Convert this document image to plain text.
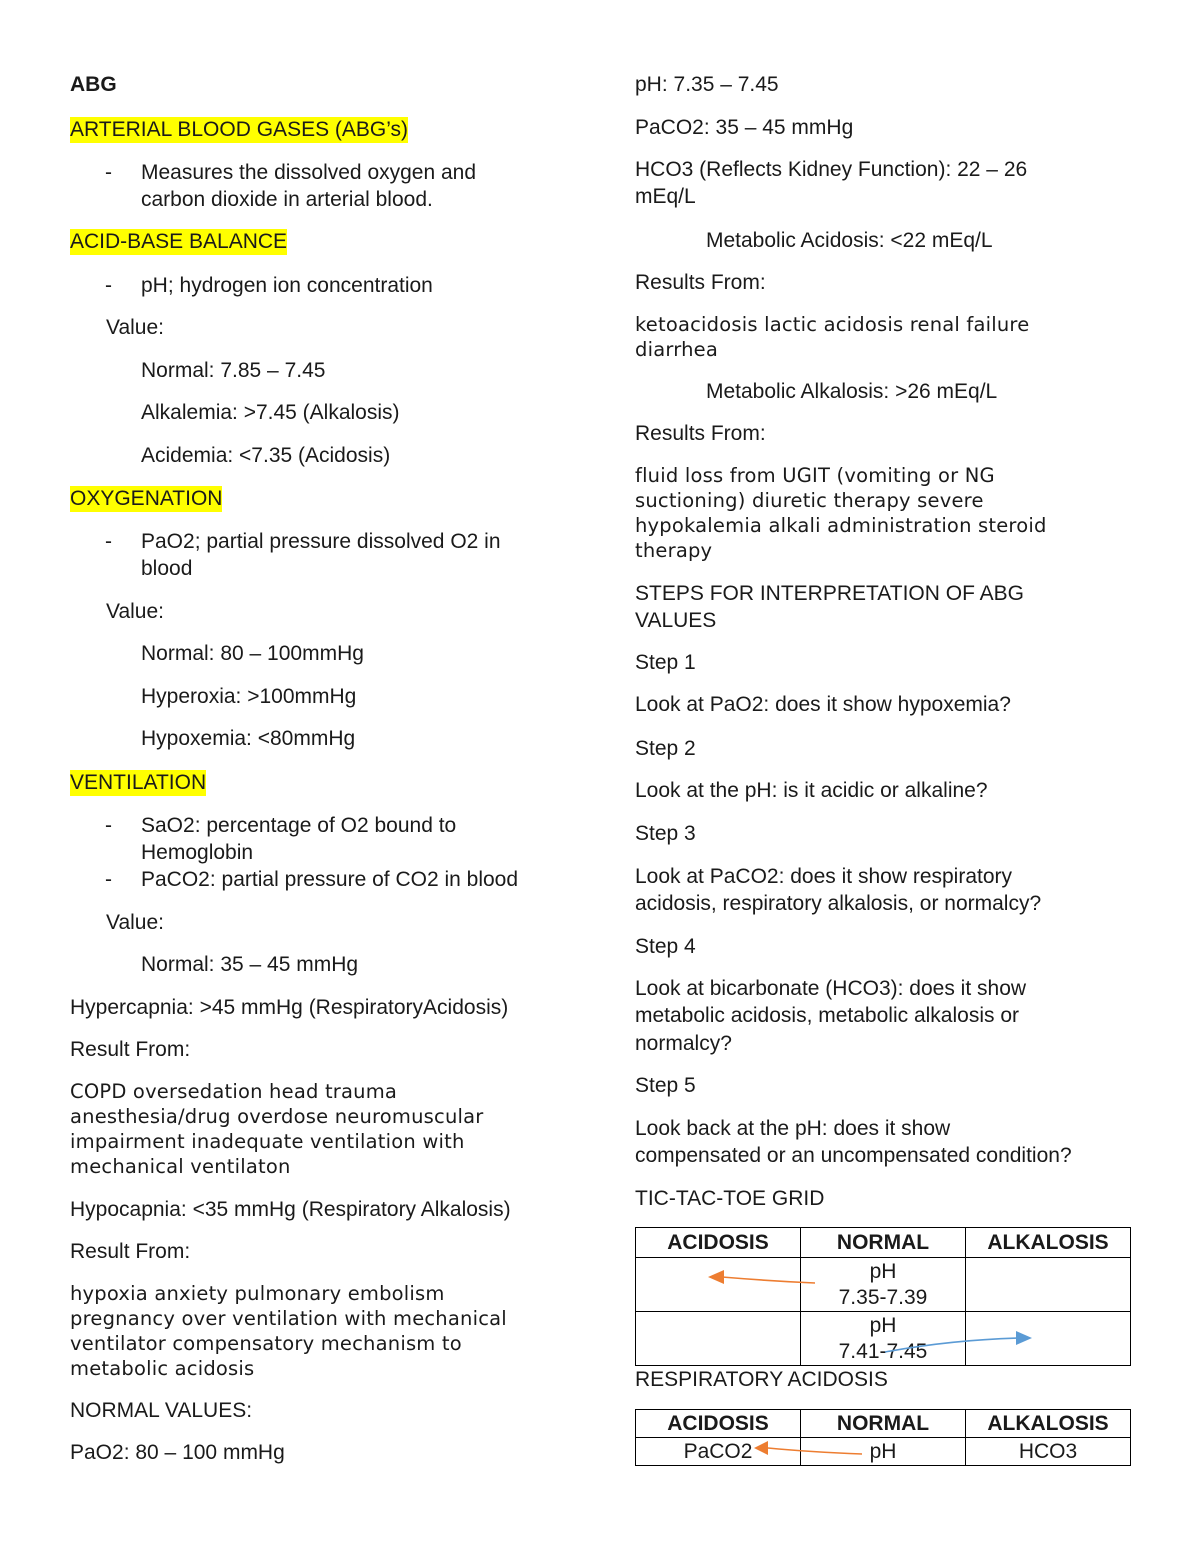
ABG
ARTERIAL BLOOD GASES (ABG’s)
-	Measures the dissolved oxygen and
carbon dioxide in arterial blood.
ACID-BASE BALANCE
-	pH; hydrogen ion concentration
Value:
Normal: 7.85 – 7.45
Alkalemia: >7.45 (Alkalosis)
Acidemia: <7.35 (Acidosis)
OXYGENATION
-	PaO2; partial pressure dissolved O2 in
blood
Value:
Normal: 80 – 100mmHg
Hyperoxia: >100mmHg
Hypoxemia: <80mmHg
VENTILATION
-	SaO2: percentage of O2 bound to
Hemoglobin
-	PaCO2: partial pressure of CO2 in blood
Value:
Normal: 35 – 45 mmHg
Hypercapnia: >45 mmHg (RespiratoryAcidosis)
Result From:
COPD oversedation head trauma
anesthesia/drug overdose neuromuscular
impairment inadequate ventilation with
mechanical ventilaton
Hypocapnia: <35 mmHg (Respiratory Alkalosis)
Result From:
hypoxia anxiety pulmonary embolism
pregnancy over ventilation with mechanical
ventilator compensatory mechanism to
metabolic acidosis
NORMAL VALUES:
PaO2: 80 – 100 mmHg
pH: 7.35 – 7.45
PaCO2: 35 – 45 mmHg
HCO3 (Reflects Kidney Function): 22 – 26
mEq/L
Metabolic Acidosis: <22 mEq/L
Results From:
ketoacidosis lactic acidosis renal failure
diarrhea
Metabolic Alkalosis: >26 mEq/L
Results From:
fluid loss from UGIT (vomiting or NG
suctioning) diuretic therapy severe
hypokalemia alkali administration steroid
therapy
STEPS FOR INTERPRETATION OF ABG
VALUES
Step 1
Look at PaO2: does it show hypoxemia?
Step 2
Look at the pH: is it acidic or alkaline?
Step 3
Look at PaCO2: does it show respiratory
acidosis, respiratory alkalosis, or normalcy?
Step 4
Look at bicarbonate (HCO3): does it show
metabolic acidosis, metabolic alkalosis or
normalcy?
Step 5
Look back at the pH: does it show
compensated or an uncompensated condition?
TIC-TAC-TOE GRID
ACIDOSIS	NORMAL	ALKALOSIS

	pH
7.35-7.39	

	pH
7.41-7.45	

RESPIRATORY ACIDOSIS
ACIDOSIS	NORMAL	ALKALOSIS
PaCO2	pH	HCO3
